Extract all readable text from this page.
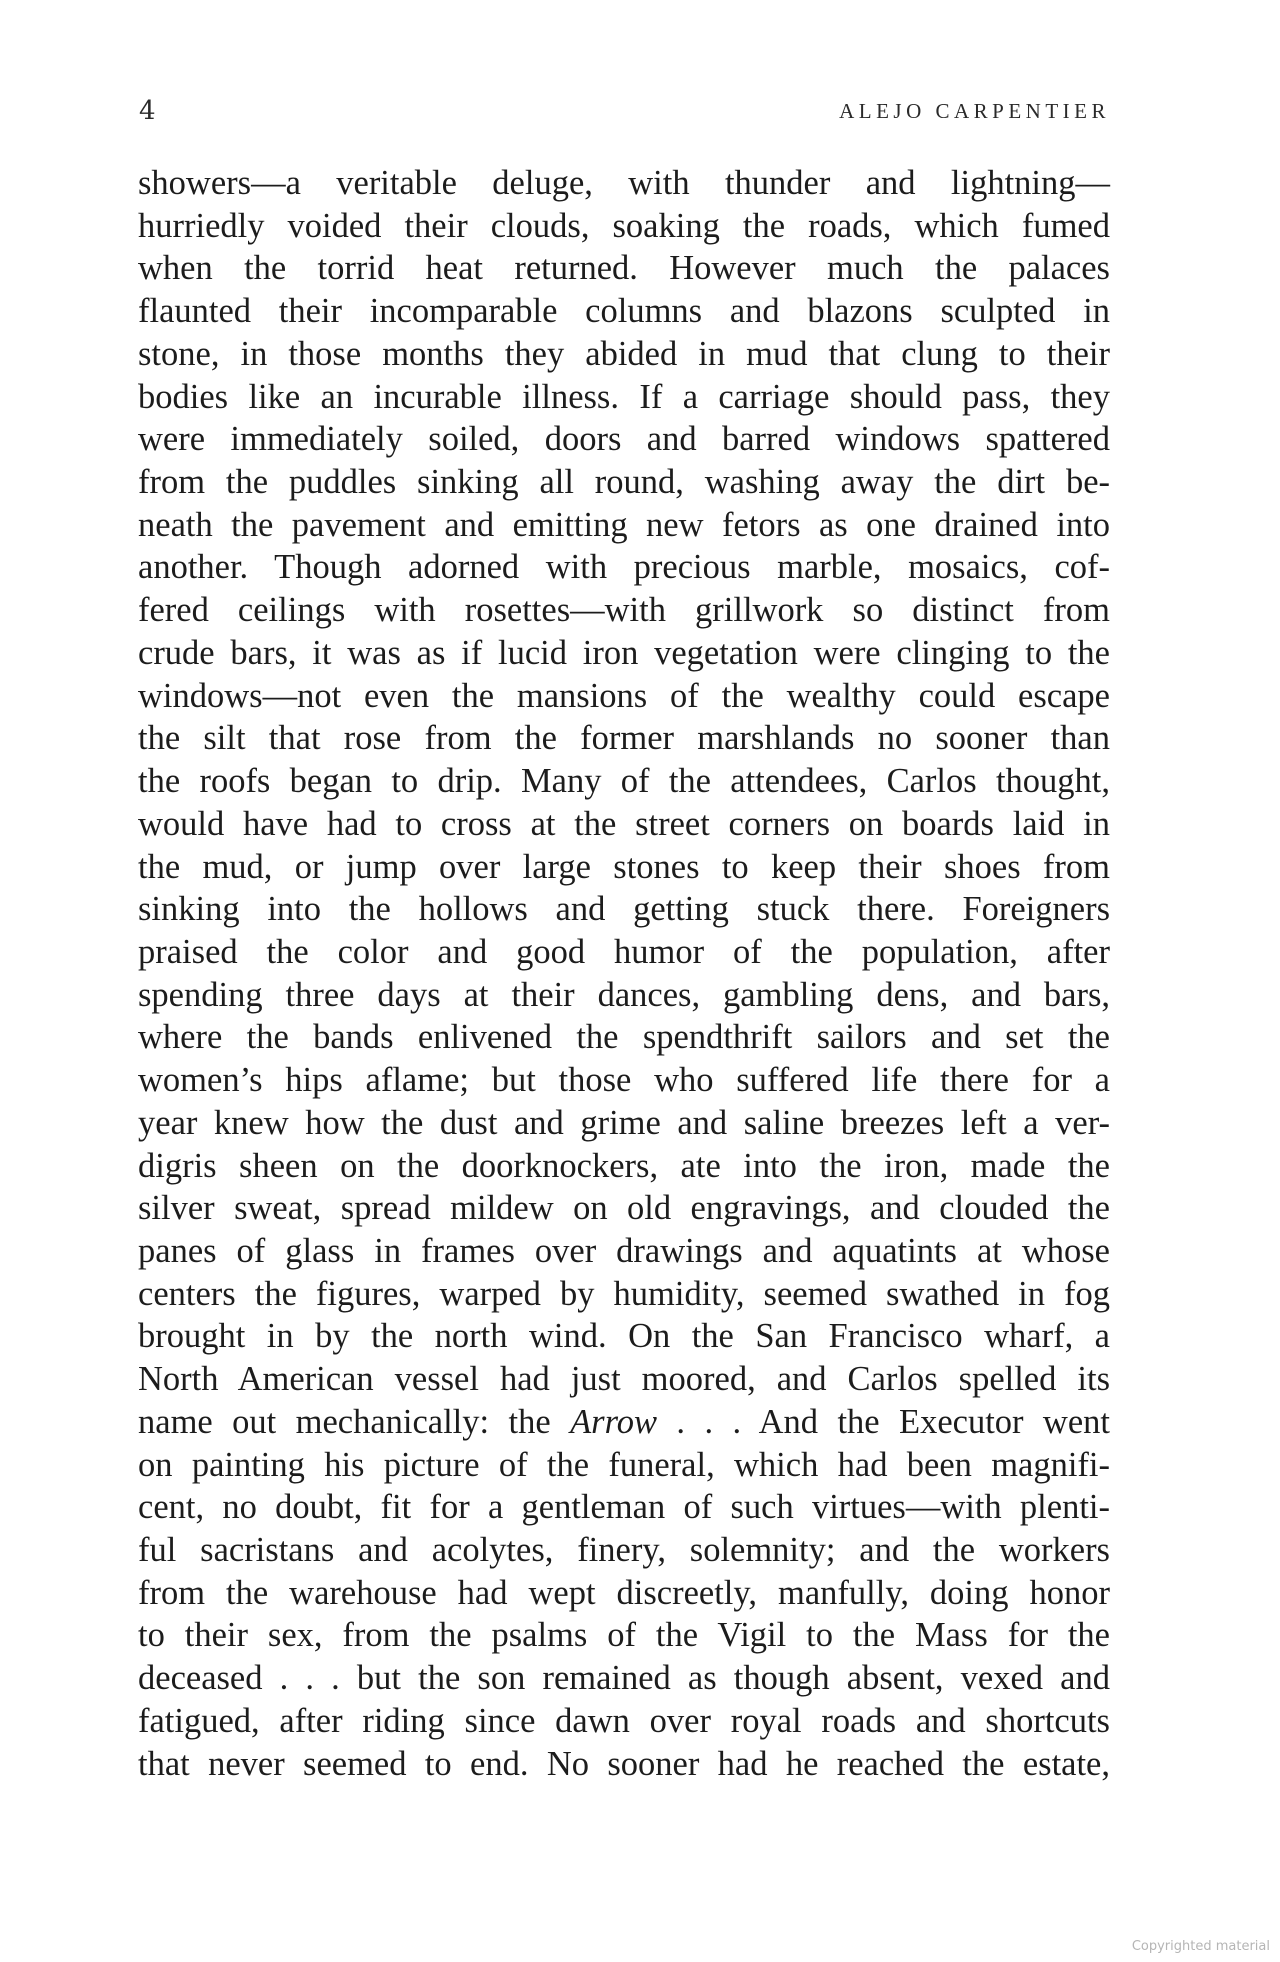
4	ALEJO CARPENTIER
showers—a veritable deluge, with thunder and lightning—
hurriedly voided their clouds, soaking the roads, which fumed
when the torrid heat returned. However much the palaces
flaunted their incomparable columns and blazons sculpted in
stone, in those months they abided in mud that clung to their
bodies like an incurable illness. If a carriage should pass, they
were immediately soiled, doors and barred windows spattered
from the puddles sinking all round, washing away the dirt be-
neath the pavement and emitting new fetors as one drained into
another. Though adorned with precious marble, mosaics, cof-
fered ceilings with rosettes—with grillwork so distinct from
crude bars, it was as if lucid iron vegetation were clinging to the
windows—not even the mansions of the wealthy could escape
the silt that rose from the former marshlands no sooner than
the roofs began to drip. Many of the attendees, Carlos thought,
would have had to cross at the street corners on boards laid in
the mud, or jump over large stones to keep their shoes from
sinking into the hollows and getting stuck there. Foreigners
praised the color and good humor of the population, after
spending three days at their dances, gambling dens, and bars,
where the bands enlivened the spendthrift sailors and set the
women’s hips aflame; but those who suffered life there for a
year knew how the dust and grime and saline breezes left a ver-
digris sheen on the doorknockers, ate into the iron, made the
silver sweat, spread mildew on old engravings, and clouded the
panes of glass in frames over drawings and aquatints at whose
centers the figures, warped by humidity, seemed swathed in fog
brought in by the north wind. On the San Francisco wharf, a
North American vessel had just moored, and Carlos spelled its
name out mechanically: the Arrow . . . And the Executor went
on painting his picture of the funeral, which had been magnifi-
cent, no doubt, fit for a gentleman of such virtues—with plenti-
ful sacristans and acolytes, finery, solemnity; and the workers
from the warehouse had wept discreetly, manfully, doing honor
to their sex, from the psalms of the Vigil to the Mass for the
deceased . . . but the son remained as though absent, vexed and
fatigued, after riding since dawn over royal roads and shortcuts
that never seemed to end. No sooner had he reached the estate,
Copyrighted material
